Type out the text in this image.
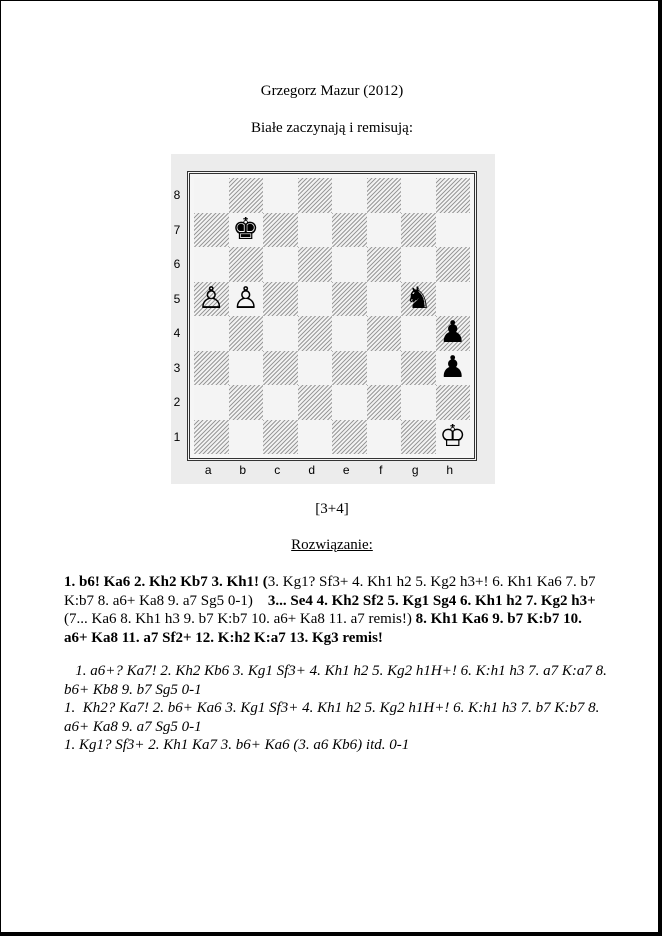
Grzegorz Mazur (2012)
Białe zaczynają i remisują:
8
7
6
5
4
3
2
1
♚
♙ ♙	♞
♟
♟
♔
a	b	c	d	e	f	g	h
[3+4]
Rozwiązanie:
1. b6! Ka6 2. Kh2 Kb7 3. Kh1! (3. Kg1? Sf3+ 4. Kh1 h2 5. Kg2 h3+! 6. Kh1 Ka6 7. b7 K:b7 8. a6+ Ka8 9. a7 Sg5 0-1) 3... Se4 4. Kh2 Sf2 5. Kg1 Sg4 6. Kh1 h2 7. Kg2 h3+ (7... Ka6 8. Kh1 h3 9. b7 K:b7 10. a6+ Ka8 11. a7 remis!) 8. Kh1 Ka6 9. b7 K:b7 10. a6+ Ka8 11. a7 Sf2+ 12. K:h2 K:a7 13. Kg3 remis!

1. a6+? Ka7! 2. Kh2 Kb6 3. Kg1 Sf3+ 4. Kh1 h2 5. Kg2 h1H+! 6. K:h1 h3 7. a7 K:a7 8. b6+ Kb8 9. b7 Sg5 0-1

1.  Kh2? Ka7! 2. b6+ Ka6 3. Kg1 Sf3+ 4. Kh1 h2 5. Kg2 h1H+! 6. K:h1 h3 7. b7 K:b7 8. a6+ Ka8 9. a7 Sg5 0-1

1. Kg1? Sf3+ 2. Kh1 Ka7 3. b6+ Ka6 (3. a6 Kb6) itd. 0-1
